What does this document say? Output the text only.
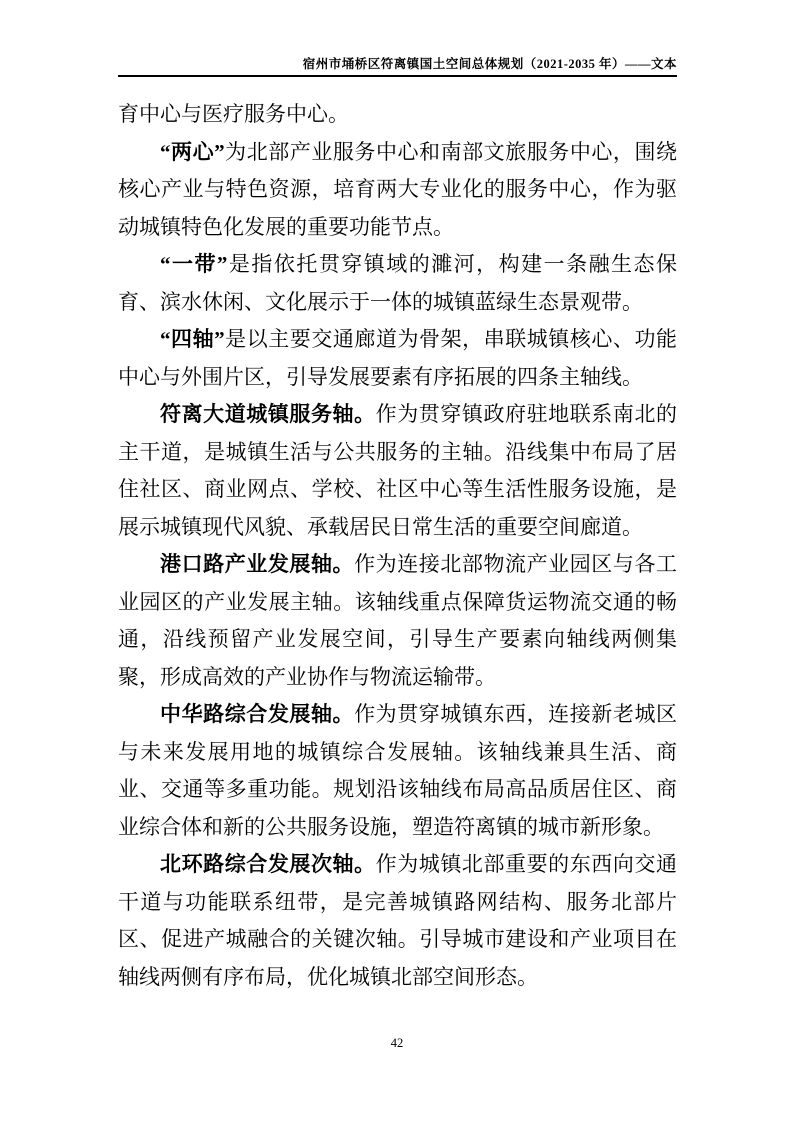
宿州市埇桥区符离镇国土空间总体规划（2021-2035 年）——文本

育中心与医疗服务中心。

“两心”为北部产业服务中心和南部文旅服务中心，围绕核心产业与特色资源，培育两大专业化的服务中心，作为驱动城镇特色化发展的重要功能节点。

“一带”是指依托贯穿镇域的濉河，构建一条融生态保育、滨水休闲、文化展示于一体的城镇蓝绿生态景观带。

“四轴”是以主要交通廊道为骨架，串联城镇核心、功能中心与外围片区，引导发展要素有序拓展的四条主轴线。

符离大道城镇服务轴。作为贯穿镇政府驻地联系南北的主干道，是城镇生活与公共服务的主轴。沿线集中布局了居住社区、商业网点、学校、社区中心等生活性服务设施，是展示城镇现代风貌、承载居民日常生活的重要空间廊道。

港口路产业发展轴。作为连接北部物流产业园区与各工业园区的产业发展主轴。该轴线重点保障货运物流交通的畅通，沿线预留产业发展空间，引导生产要素向轴线两侧集聚，形成高效的产业协作与物流运输带。

中华路综合发展轴。作为贯穿城镇东西，连接新老城区与未来发展用地的城镇综合发展轴。该轴线兼具生活、商业、交通等多重功能。规划沿该轴线布局高品质居住区、商业综合体和新的公共服务设施，塑造符离镇的城市新形象。

北环路综合发展次轴。作为城镇北部重要的东西向交通干道与功能联系纽带，是完善城镇路网结构、服务北部片区、促进产城融合的关键次轴。引导城市建设和产业项目在轴线两侧有序布局，优化城镇北部空间形态。

42
